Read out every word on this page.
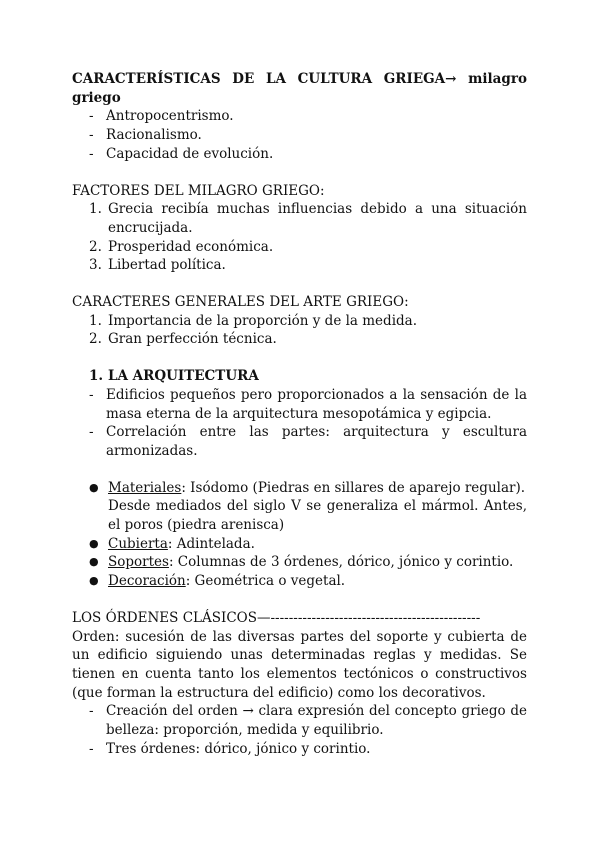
CARACTERÍSTICAS DE LA CULTURA GRIEGA→ milagro griego
- Antropocentrismo.
- Racionalismo.
- Capacidad de evolución.
FACTORES DEL MILAGRO GRIEGO:
1. Grecia recibía muchas influencias debido a una situación encrucijada.
2. Prosperidad económica.
3. Libertad política.
CARACTERES GENERALES DEL ARTE GRIEGO:
1. Importancia de la proporción y de la medida.
2. Gran perfección técnica.
1. LA ARQUITECTURA
- Edificios pequeños pero proporcionados a la sensación de la masa eterna de la arquitectura mesopotámica y egipcia.
- Correlación entre las partes: arquitectura y escultura armonizadas.
● Materiales: Isódomo (Piedras en sillares de aparejo regular).
Desde mediados del siglo V se generaliza el mármol. Antes, el poros (piedra arenisca)
● Cubierta: Adintelada.
● Soportes: Columnas de 3 órdenes, dórico, jónico y corintio.
● Decoración: Geométrica o vegetal.
LOS ÓRDENES CLÁSICOS—----------------------------------------------
Orden: sucesión de las diversas partes del soporte y cubierta de un edificio siguiendo unas determinadas reglas y medidas. Se tienen en cuenta tanto los elementos tectónicos o constructivos (que forman la estructura del edificio) como los decorativos.
- Creación del orden → clara expresión del concepto griego de belleza: proporción, medida y equilibrio.
- Tres órdenes: dórico, jónico y corintio.
